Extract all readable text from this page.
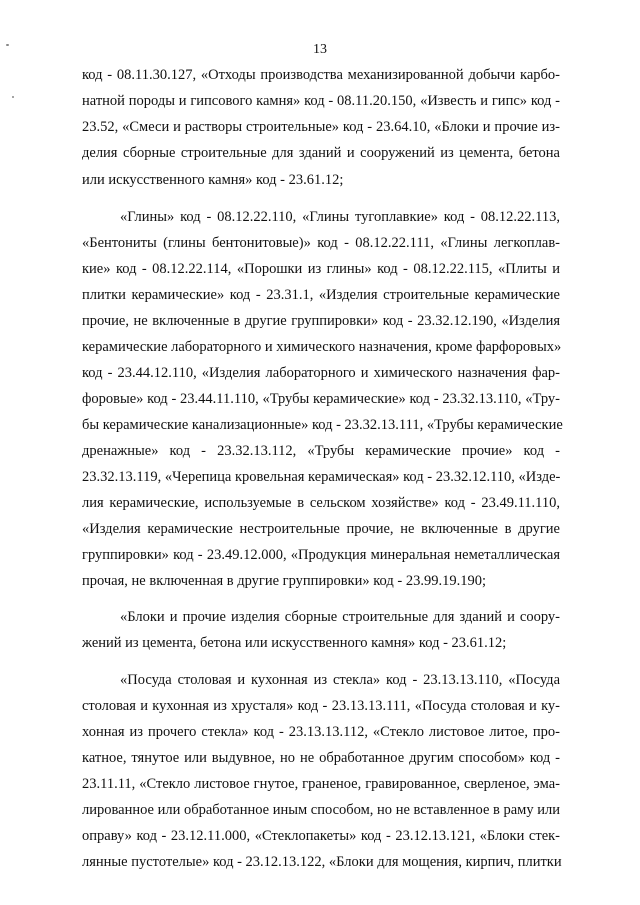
13
код - 08.11.30.127, «Отходы производства механизированной добычи карбо-
натной породы и гипсового камня» код - 08.11.20.150, «Известь и гипс» код -
23.52, «Смеси и растворы строительные» код - 23.64.10, «Блоки и прочие из-
делия сборные строительные для зданий и сооружений из цемента, бетона
или искусственного камня» код - 23.61.12;
«Глины» код - 08.12.22.110, «Глины тугоплавкие» код - 08.12.22.113,
«Бентониты (глины бентонитовые)» код - 08.12.22.111, «Глины легкоплав-
кие» код - 08.12.22.114, «Порошки из глины» код - 08.12.22.115, «Плиты и
плитки керамические» код - 23.31.1, «Изделия строительные керамические
прочие, не включенные в другие группировки» код - 23.32.12.190, «Изделия
керамические лабораторного и химического назначения, кроме фарфоровых»
код - 23.44.12.110, «Изделия лабораторного и химического назначения фар-
форовые» код - 23.44.11.110, «Трубы керамические» код - 23.32.13.110, «Тру-
бы керамические канализационные» код - 23.32.13.111, «Трубы керамические
дренажные» код - 23.32.13.112, «Трубы керамические прочие» код -
23.32.13.119, «Черепица кровельная керамическая» код - 23.32.12.110, «Изде-
лия керамические, используемые в сельском хозяйстве» код - 23.49.11.110,
«Изделия керамические нестроительные прочие, не включенные в другие
группировки» код - 23.49.12.000, «Продукция минеральная неметаллическая
прочая, не включенная в другие группировки» код - 23.99.19.190;
«Блоки и прочие изделия сборные строительные для зданий и соору-
жений из цемента, бетона или искусственного камня» код - 23.61.12;
«Посуда столовая и кухонная из стекла» код - 23.13.13.110, «Посуда
столовая и кухонная из хрусталя» код - 23.13.13.111, «Посуда столовая и ку-
хонная из прочего стекла» код - 23.13.13.112, «Стекло листовое литое, про-
катное, тянутое или выдувное, но не обработанное другим способом» код -
23.11.11, «Стекло листовое гнутое, граненое, гравированное, сверленое, эма-
лированное или обработанное иным способом, но не вставленное в раму или
оправу» код - 23.12.11.000, «Стеклопакеты» код - 23.12.13.121, «Блоки стек-
лянные пустотелые» код - 23.12.13.122, «Блоки для мощения, кирпич, плитки
